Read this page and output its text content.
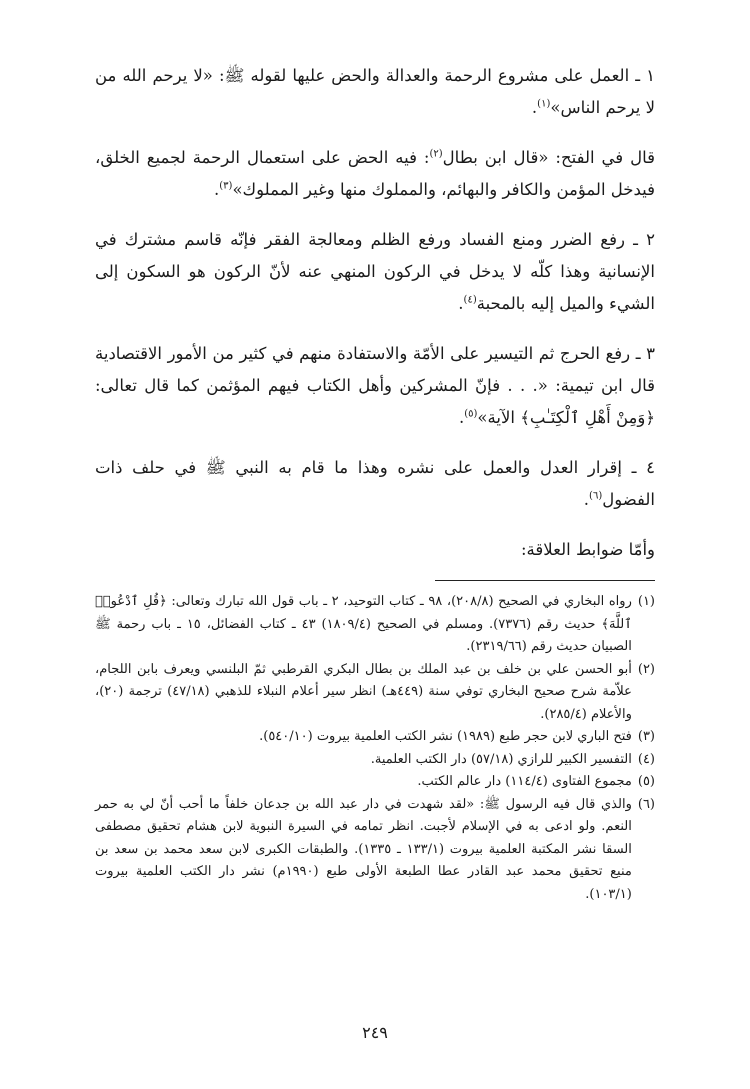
١ ـ العمل على مشروع الرحمة والعدالة والحض عليها لقوله ﷺ: «لا يرحم الله من لا يرحم الناس»$^{(١)}$.

قال في الفتح: «قال ابن بطال$^{(٢)}$: فيه الحض على استعمال الرحمة لجميع الخلق، فيدخل المؤمن والكافر والبهائم، والمملوك منها وغير المملوك»$^{(٣)}$.

٢ ـ رفع الضرر ومنع الفساد ورفع الظلم ومعالجة الفقر فإنّه قاسم مشترك في الإنسانية وهذا كلّه لا يدخل في الركون المنهي عنه لأنّ الركون هو السكون إلى الشيء والميل إليه بالمحبة$^{(٤)}$.

٣ ـ رفع الحرج ثم التيسير على الأمّة والاستفادة منهم في كثير من الأمور الاقتصادية قال ابن تيمية: «. . . فإنّ المشركين وأهل الكتاب فيهم المؤثمن كما قال تعالى: ﴿وَمِنْ أَهْلِ ٱلْكِتَـٰبِ﴾ الآية»$^{(٥)}$.

٤ ـ إقرار العدل والعمل على نشره وهذا ما قام به النبي ﷺ في حلف ذات الفضول$^{(٦)}$.

وأمّا ضوابط العلاقة:

(١)
رواه البخاري في الصحيح (٢٠٨/٨)، ٩٨ ـ كتاب التوحيد، ٢ ـ باب قول الله تبارك وتعالى: ﴿قُلِ ٱدْعُوا۟ ٱللَّهَ﴾ حديث رقم (٧٣٧٦). ومسلم في الصحيح (١٨٠٩/٤) ٤٣ ـ كتاب الفضائل، ١٥ ـ باب رحمة ﷺ الصبيان حديث رقم (٢٣١٩/٦٦).
(٢)
أبو الحسن علي بن خلف بن عبد الملك بن بطال البكري القرطبي ثمّ البلنسي ويعرف بابن اللجام، علاّمة شرح صحيح البخاري توفي سنة (٤٤٩هـ) انظر سير أعلام النبلاء للذهبي (٤٧/١٨) ترجمة (٢٠)، والأعلام (٢٨٥/٤).
(٣)
فتح الباري لابن حجر طبع (١٩٨٩) نشر الكتب العلمية بيروت (٥٤٠/١٠).
(٤)
التفسير الكبير للرازي (٥٧/١٨) دار الكتب العلمية.
(٥)
مجموع الفتاوى (١١٤/٤) دار عالم الكتب.
(٦)
والذي قال فيه الرسول ﷺ: «لقد شهدت في دار عبد الله بن جدعان خلفاً ما أحب أنّ لي به حمر النعم. ولو ادعى به في الإسلام لأجبت. انظر تمامه في السيرة النبوية لابن هشام تحقيق مصطفى السقا نشر المكتبة العلمية بيروت (١٣٣/١ ـ ١٣٣٥). والطبقات الكبرى لابن سعد محمد بن سعد بن منيع تحقيق محمد عبد القادر عطا الطبعة الأولى طبع (١٩٩٠م) نشر دار الكتب العلمية بيروت (١٠٣/١).
٢٤٩
